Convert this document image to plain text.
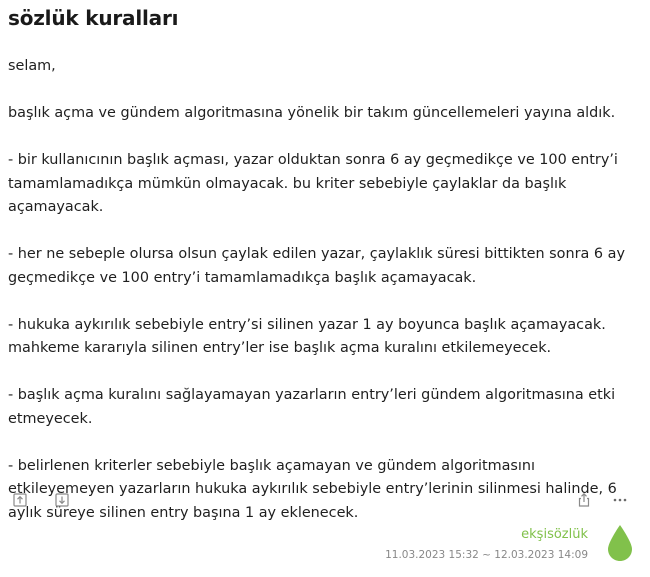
sözlük kuralları

selam,

başlık açma ve gündem algoritmasına yönelik bir takım güncellemeleri yayına aldık.

- bir kullanıcının başlık açması, yazar olduktan sonra 6 ay geçmedikçe ve 100 entry’i tamamlamadıkça mümkün olmayacak. bu kriter sebebiyle çaylaklar da başlık açamayacak.

- her ne sebeple olursa olsun çaylak edilen yazar, çaylaklık süresi bittikten sonra 6 ay geçmedikçe ve 100 entry’i tamamlamadıkça başlık açamayacak.

- hukuka aykırılık sebebiyle entry’si silinen yazar 1 ay boyunca başlık açamayacak. mahkeme kararıyla silinen entry’ler ise başlık açma kuralını etkilemeyecek.

- başlık açma kuralını sağlayamayan yazarların entry’leri gündem algoritmasına etki etmeyecek.

- belirlenen kriterler sebebiyle başlık açamayan ve gündem algoritmasını etkileyemeyen yazarların hukuka aykırılık sebebiyle entry’lerinin silinmesi halinde, 6 aylık süreye silinen entry başına 1 ay eklenecek.

ekşisözlük
11.03.2023 15:32 ~ 12.03.2023 14:09
